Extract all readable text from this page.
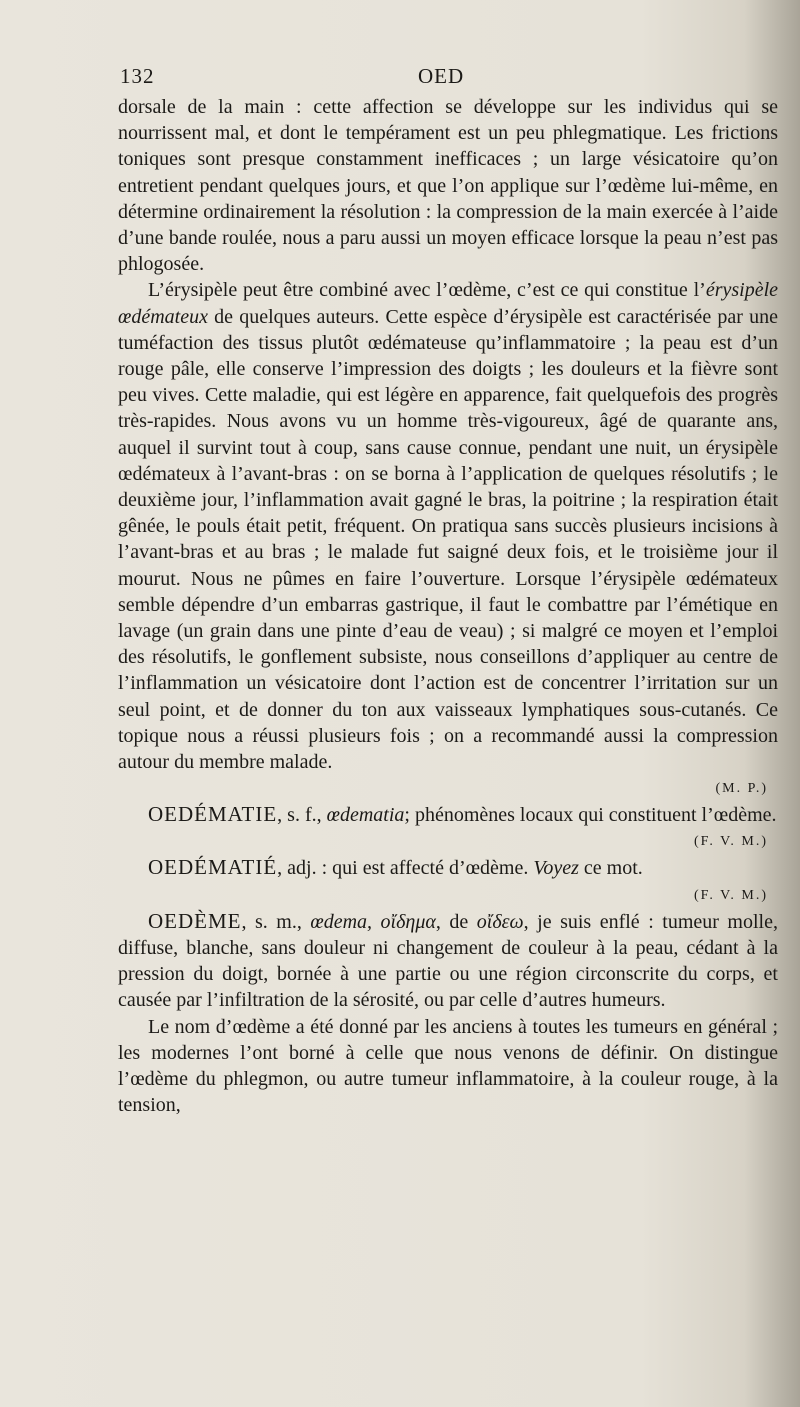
132	OED

dorsale de la main : cette affection se développe sur les individus qui se nourrissent mal, et dont le tempérament est un peu phlegmatique. Les frictions toniques sont presque constamment inefficaces ; un large vésicatoire qu’on entretient pendant quelques jours, et que l’on applique sur l’œdème lui-même, en détermine ordinairement la résolution : la compression de la main exercée à l’aide d’une bande roulée, nous a paru aussi un moyen efficace lorsque la peau n’est pas phlogosée.

L’érysipèle peut être combiné avec l’œdème, c’est ce qui constitue l’érysipèle œdémateux de quelques auteurs. Cette espèce d’érysipèle est caractérisée par une tuméfaction des tissus plutôt œdémateuse qu’inflammatoire ; la peau est d’un rouge pâle, elle conserve l’impression des doigts ; les douleurs et la fièvre sont peu vives. Cette maladie, qui est légère en apparence, fait quelquefois des progrès très-rapides. Nous avons vu un homme très-vigoureux, âgé de quarante ans, auquel il survint tout à coup, sans cause connue, pendant une nuit, un érysipèle œdémateux à l’avant-bras : on se borna à l’application de quelques résolutifs ; le deuxième jour, l’inflammation avait gagné le bras, la poitrine ; la respiration était gênée, le pouls était petit, fréquent. On pratiqua sans succès plusieurs incisions à l’avant-bras et au bras ; le malade fut saigné deux fois, et le troisième jour il mourut. Nous ne pûmes en faire l’ouverture. Lorsque l’érysipèle œdémateux semble dépendre d’un embarras gastrique, il faut le combattre par l’émétique en lavage (un grain dans une pinte d’eau de veau) ; si malgré ce moyen et l’emploi des résolutifs, le gonflement subsiste, nous conseillons d’appliquer au centre de l’inflammation un vésicatoire dont l’action est de concentrer l’irritation sur un seul point, et de donner du ton aux vaisseaux lymphatiques sous-cutanés. Ce topique nous a réussi plusieurs fois ; on a recommandé aussi la compression autour du membre malade.

(M. P.)

OEDÉMATIE, s. f., œdematia; phénomènes locaux qui constituent l’œdème.

(F. V. M.)

OEDÉMATIÉ, adj. : qui est affecté d’œdème. Voyez ce mot.

(F. V. M.)

OEDÈME, s. m., œdema, οἴδημα, de οἴδεω, je suis enflé : tumeur molle, diffuse, blanche, sans douleur ni changement de couleur à la peau, cédant à la pression du doigt, bornée à une partie ou une région circonscrite du corps, et causée par l’infiltration de la sérosité, ou par celle d’autres humeurs.

Le nom d’œdème a été donné par les anciens à toutes les tumeurs en général ; les modernes l’ont borné à celle que nous venons de définir. On distingue l’œdème du phlegmon, ou autre tumeur inflammatoire, à la couleur rouge, à la tension,
